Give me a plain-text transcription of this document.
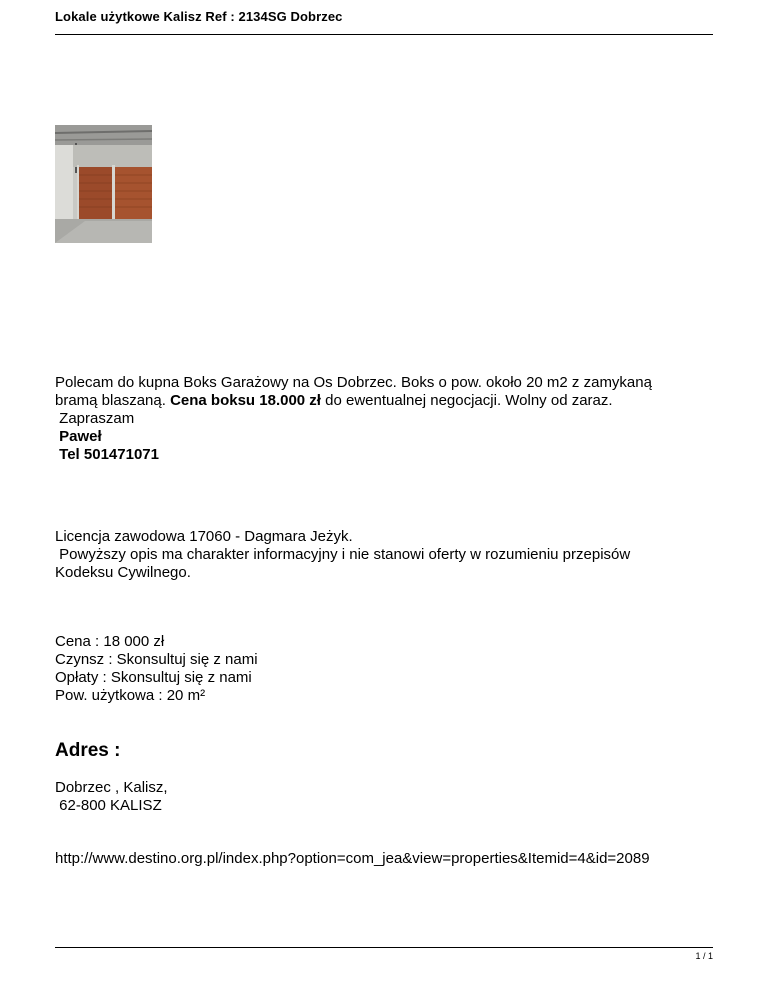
Lokale użytkowe Kalisz Ref : 2134SG Dobrzec

Polecam do kupna Boks Garażowy na Os Dobrzec. Boks o pow. około 20 m2 z zamykaną

bramą blaszaną. Cena boksu 18.000 zł do ewentualnej negocjacji. Wolny od zaraz.

Zapraszam

Paweł

Tel 501471071

Licencja zawodowa 17060 - Dagmara Jeżyk.

Powyższy opis ma charakter informacyjny i nie stanowi oferty w rozumieniu przepisów

Kodeksu Cywilnego.

Cena : 18 000 zł

Czynsz : Skonsultuj się z nami

Opłaty : Skonsultuj się z nami

Pow. użytkowa : 20 m²

Adres :

Dobrzec , Kalisz,

62-800 KALISZ

http://www.destino.org.pl/index.php?option=com_jea&view=properties&Itemid=4&id=2089
1 / 1
